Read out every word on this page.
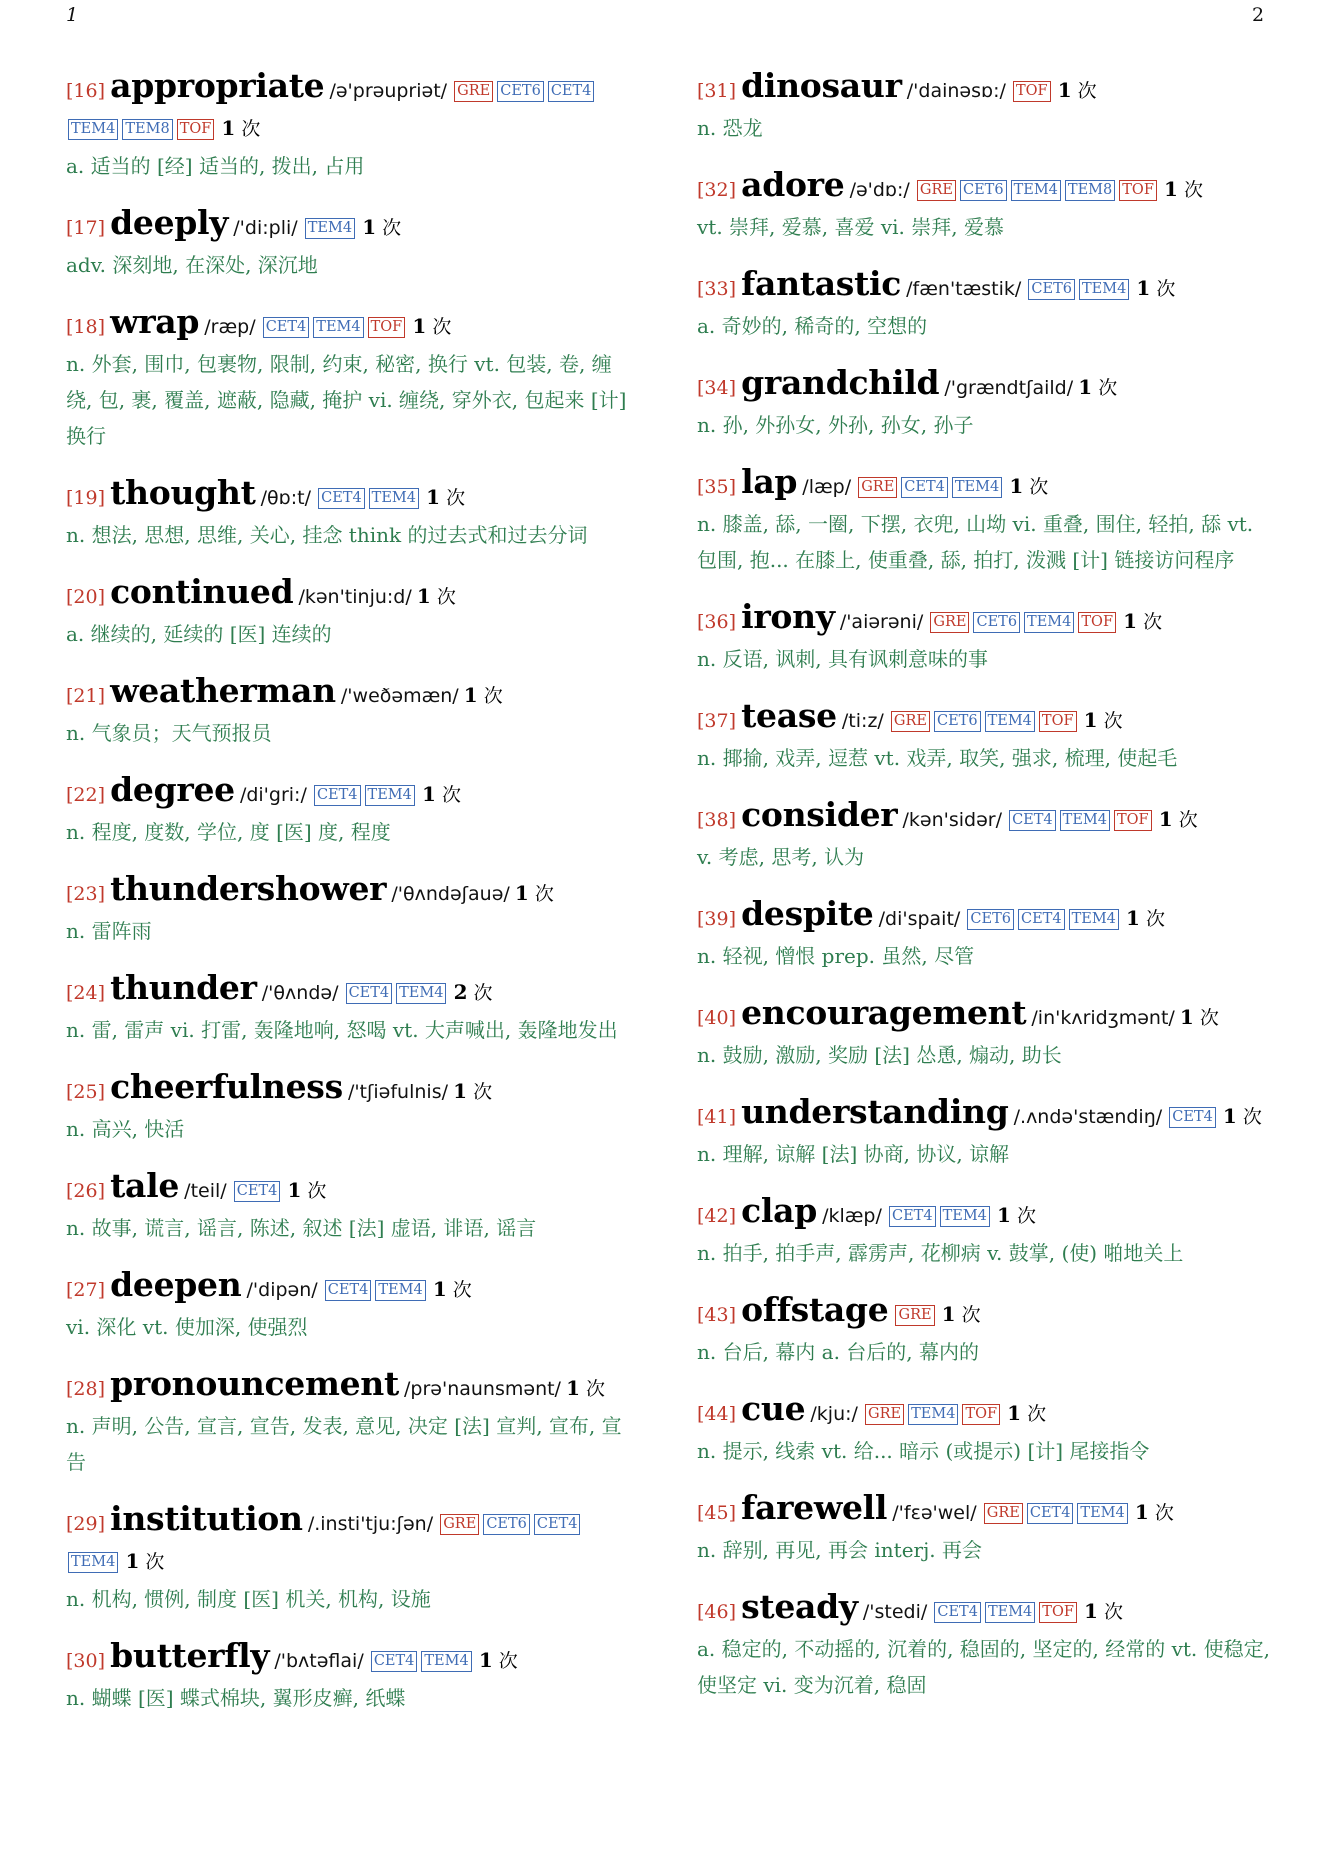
1	2
[16] appropriate /ə'prəupriət/ GRE CET6 CET4TEM4 TEM8 TOF 1 次
a. 适当的 [经] 适当的, 拨出, 占用
[17] deeply /'di:pli/ TEM4 1 次
adv. 深刻地, 在深处, 深沉地
[18] wrap /ræp/ CET4 TEM4 TOF 1 次
n. 外套, 围巾, 包裹物, 限制, 约束, 秘密, 换行 vt. 包装, 卷, 缠绕, 包, 裹, 覆盖, 遮蔽, 隐藏, 掩护 vi. 缠绕, 穿外衣, 包起来 [计] 换行
[19] thought /θɒ:t/ CET4 TEM4 1 次
n. 想法, 思想, 思维, 关心, 挂念 think 的过去式和过去分词
[20] continued /kən'tinju:d/ 1 次
a. 继续的, 延续的 [医] 连续的
[21] weatherman /'weðəmæn/ 1 次
n. 气象员；天气预报员
[22] degree /di'gri:/ CET4 TEM4 1 次
n. 程度, 度数, 学位, 度 [医] 度, 程度
[23] thundershower /'θʌndəʃauə/ 1 次
n. 雷阵雨
[24] thunder /'θʌndə/ CET4 TEM4 2 次
n. 雷, 雷声 vi. 打雷, 轰隆地响, 怒喝 vt. 大声喊出, 轰隆地发出
[25] cheerfulness /'tʃiəfulnis/ 1 次
n. 高兴, 快活
[26] tale /teil/ CET4 1 次
n. 故事, 谎言, 谣言, 陈述, 叙述 [法] 虚语, 诽语, 谣言
[27] deepen /'dipən/ CET4 TEM4 1 次
vi. 深化 vt. 使加深, 使强烈
[28] pronouncement /prə'naunsmənt/ 1 次
n. 声明, 公告, 宣言, 宣告, 发表, 意见, 决定 [法] 宣判, 宣布, 宣告
[29] institution /.insti'tju:ʃən/ GRE CET6 CET4TEM4 1 次
n. 机构, 惯例, 制度 [医] 机关, 机构, 设施
[30] butterfly /'bʌtəflai/ CET4 TEM4 1 次
n. 蝴蝶 [医] 蝶式棉块, 翼形皮癣, 纸蝶
[31] dinosaur /'dainəsɒ:/ TOF 1 次
n. 恐龙
[32] adore /ə'dɒ:/ GRE CET6 TEM4 TEM8 TOF 1 次
vt. 崇拜, 爱慕, 喜爱 vi. 崇拜, 爱慕
[33] fantastic /fæn'tæstik/ CET6 TEM4 1 次
a. 奇妙的, 稀奇的, 空想的
[34] grandchild /'grændtʃaild/ 1 次
n. 孙, 外孙女, 外孙, 孙女, 孙子
[35] lap /læp/ GRE CET4 TEM4 1 次
n. 膝盖, 舔, 一圈, 下摆, 衣兜, 山坳 vi. 重叠, 围住, 轻拍, 舔 vt. 包围, 抱... 在膝上, 使重叠, 舔, 拍打, 泼溅 [计] 链接访问程序
[36] irony /'aiərəni/ GRE CET6 TEM4 TOF 1 次
n. 反语, 讽刺, 具有讽刺意味的事
[37] tease /ti:z/ GRE CET6 TEM4 TOF 1 次
n. 揶揄, 戏弄, 逗惹 vt. 戏弄, 取笑, 强求, 梳理, 使起毛
[38] consider /kən'sidər/ CET4 TEM4 TOF 1 次
v. 考虑, 思考, 认为
[39] despite /di'spait/ CET6 CET4 TEM4 1 次
n. 轻视, 憎恨 prep. 虽然, 尽管
[40] encouragement /in'kʌridʒmənt/ 1 次
n. 鼓励, 激励, 奖励 [法] 怂恿, 煽动, 助长
[41] understanding /.ʌndə'stændiŋ/ CET4 1 次
n. 理解, 谅解 [法] 协商, 协议, 谅解
[42] clap /klæp/ CET4 TEM4 1 次
n. 拍手, 拍手声, 霹雳声, 花柳病 v. 鼓掌, (使) 啪地关上
[43] offstage GRE 1 次
n. 台后, 幕内 a. 台后的, 幕内的
[44] cue /kju:/ GRE TEM4 TOF 1 次
n. 提示, 线索 vt. 给... 暗示 (或提示) [计] 尾接指令
[45] farewell /'fɛə'wel/ GRE CET4 TEM4 1 次
n. 辞别, 再见, 再会 interj. 再会
[46] steady /'stedi/ CET4 TEM4 TOF 1 次
a. 稳定的, 不动摇的, 沉着的, 稳固的, 坚定的, 经常的 vt. 使稳定, 使坚定 vi. 变为沉着, 稳固
